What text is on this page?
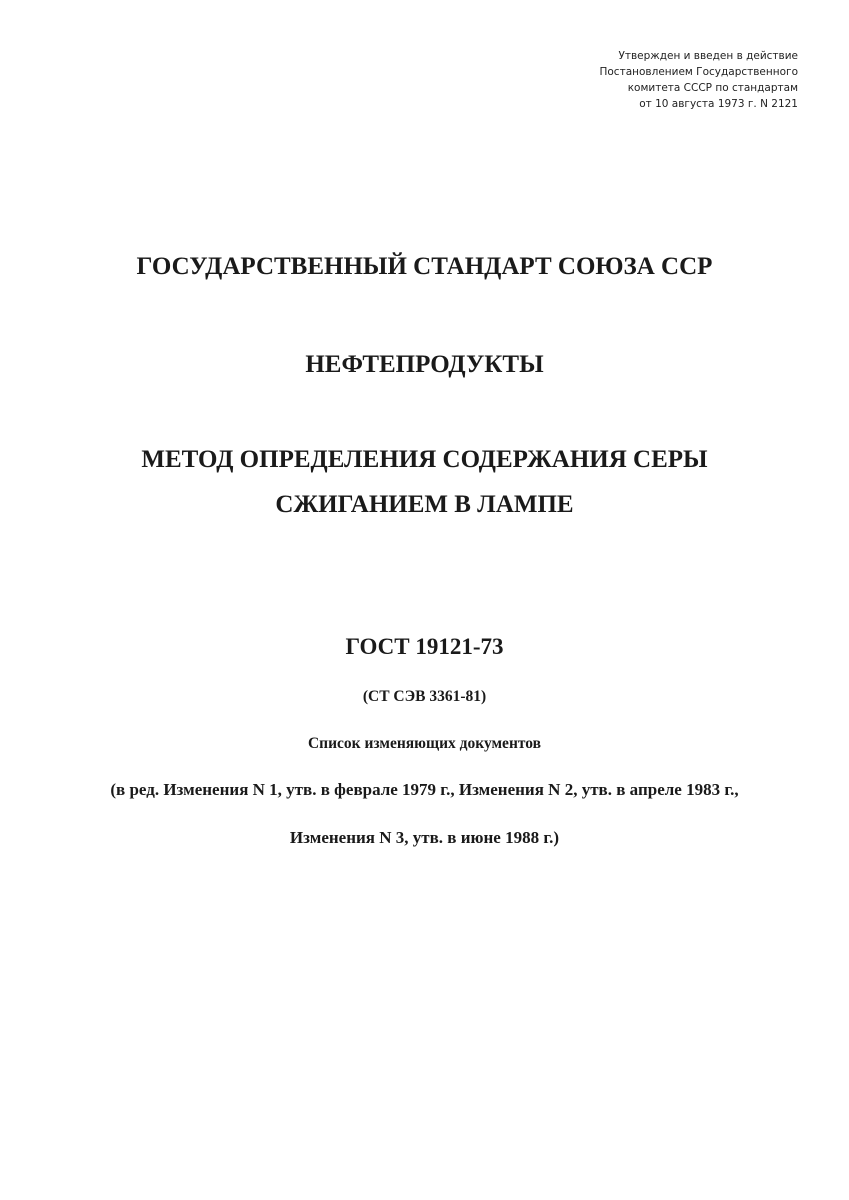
Утвержден и введен в действие
Постановлением Государственного
комитета СССР по стандартам
от 10 августа 1973 г. N 2121
ГОСУДАРСТВЕННЫЙ СТАНДАРТ СОЮЗА ССР
НЕФТЕПРОДУКТЫ
МЕТОД ОПРЕДЕЛЕНИЯ СОДЕРЖАНИЯ СЕРЫ
СЖИГАНИЕМ В ЛАМПЕ
ГОСТ 19121-73
(СТ СЭВ 3361-81)
Список изменяющих документов
(в ред. Изменения N 1, утв. в феврале 1979 г., Изменения N 2, утв. в апреле 1983 г.,
Изменения N 3, утв. в июне 1988 г.)
